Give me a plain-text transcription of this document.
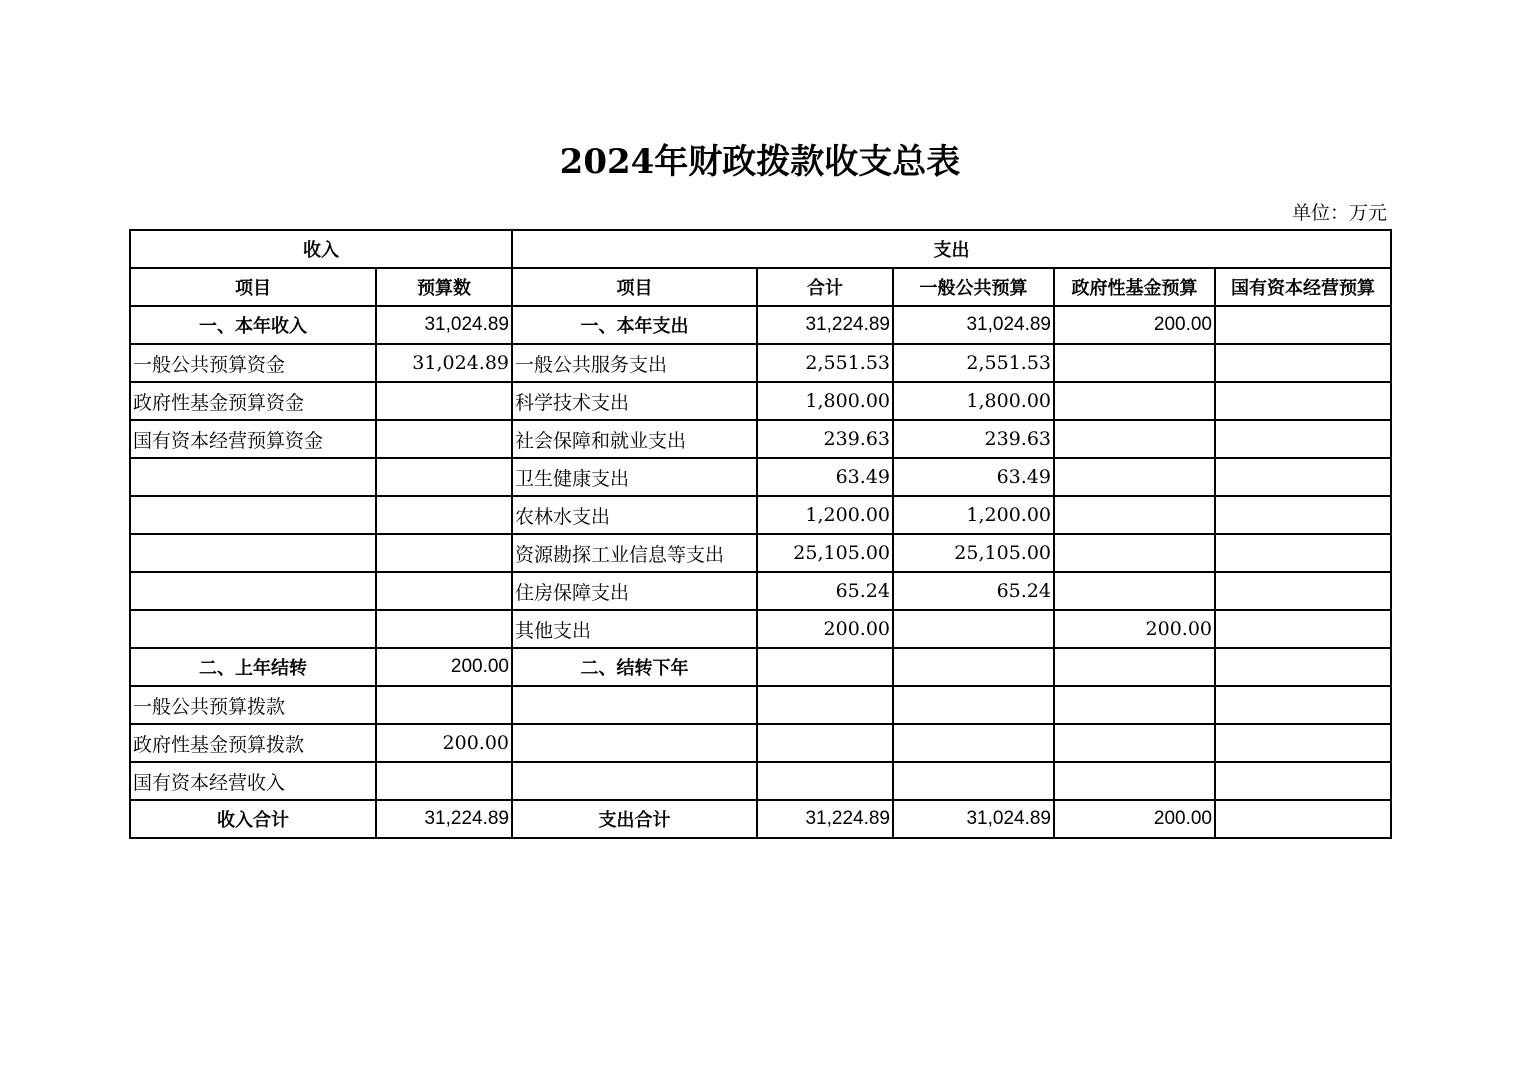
2024年财政拨款收支总表
单位：万元
收入		支出				
项目	预算数	项目	合计	一般公共预算	政府性基金预算	国有资本经营预算
一、本年收入	31,024.89	一、本年支出	31,224.89	31,024.89	200.00	
一般公共预算资金	31,024.89	一般公共服务支出	2,551.53	2,551.53		
政府性基金预算资金		科学技术支出	1,800.00	1,800.00		
国有资本经营预算资金		社会保障和就业支出	239.63	239.63		
		卫生健康支出	63.49	63.49		
		农林水支出	1,200.00	1,200.00		
		资源勘探工业信息等支出	25,105.00	25,105.00		
		住房保障支出	65.24	65.24		
		其他支出	200.00		200.00	
二、上年结转	200.00	二、结转下年				
一般公共预算拨款						
政府性基金预算拨款	200.00					
国有资本经营收入						
收入合计	31,224.89	支出合计	31,224.89	31,024.89	200.00	
